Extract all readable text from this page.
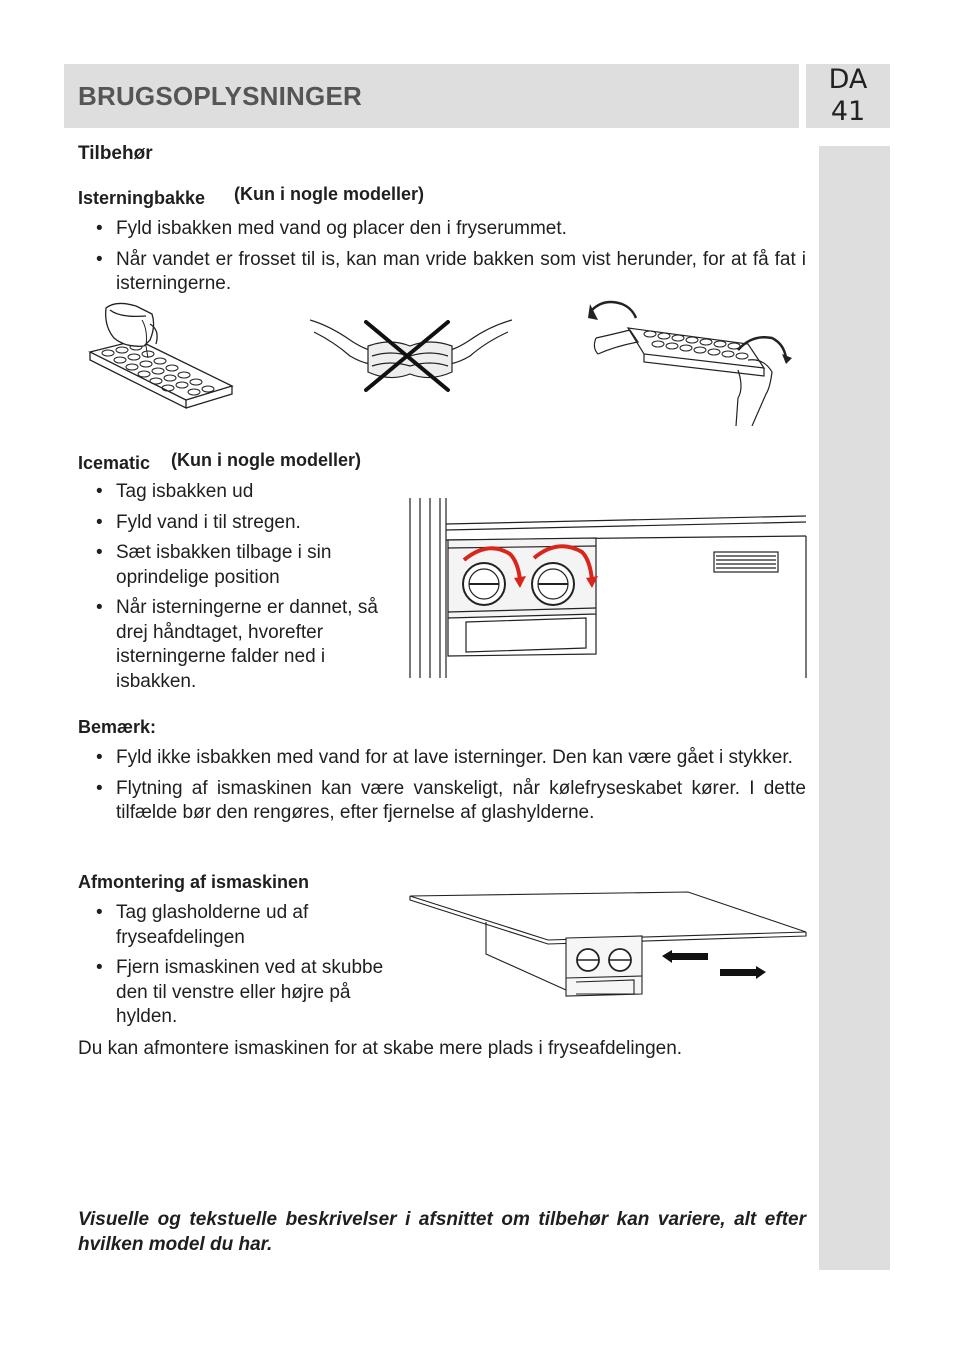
BRUGSOPLYSNINGER
DA
41
Tilbehør
Isterningbakke (Kun i nogle modeller)
• Fyld isbakken med vand og placer den i fryserummet.
• Når vandet er frosset til is, kan man vride bakken som vist herunder, for at få fat i isterningerne.
Icematic (Kun i nogle modeller)
• Tag isbakken ud
• Fyld vand i til stregen.
• Sæt isbakken tilbage i sin oprindelige position
• Når isterningerne er dannet, så drej håndtaget, hvorefter isterningerne falder ned i isbakken.
Bemærk:
• Fyld ikke isbakken med vand for at lave isterninger. Den kan være gået i stykker.
• Flytning af ismaskinen kan være vanskeligt, når kølefryseskabet kører. I dette tilfælde bør den rengøres, efter fjernelse af glashylderne.
Afmontering af ismaskinen
• Tag glasholderne ud af fryseafdelingen
• Fjern ismaskinen ved at skubbe den til venstre eller højre på hylden.
Du kan afmontere ismaskinen for at skabe mere plads i fryseafdelingen.
Visuelle og tekstuelle beskrivelser i afsnittet om tilbehør kan variere, alt efter hvilken model du har.
